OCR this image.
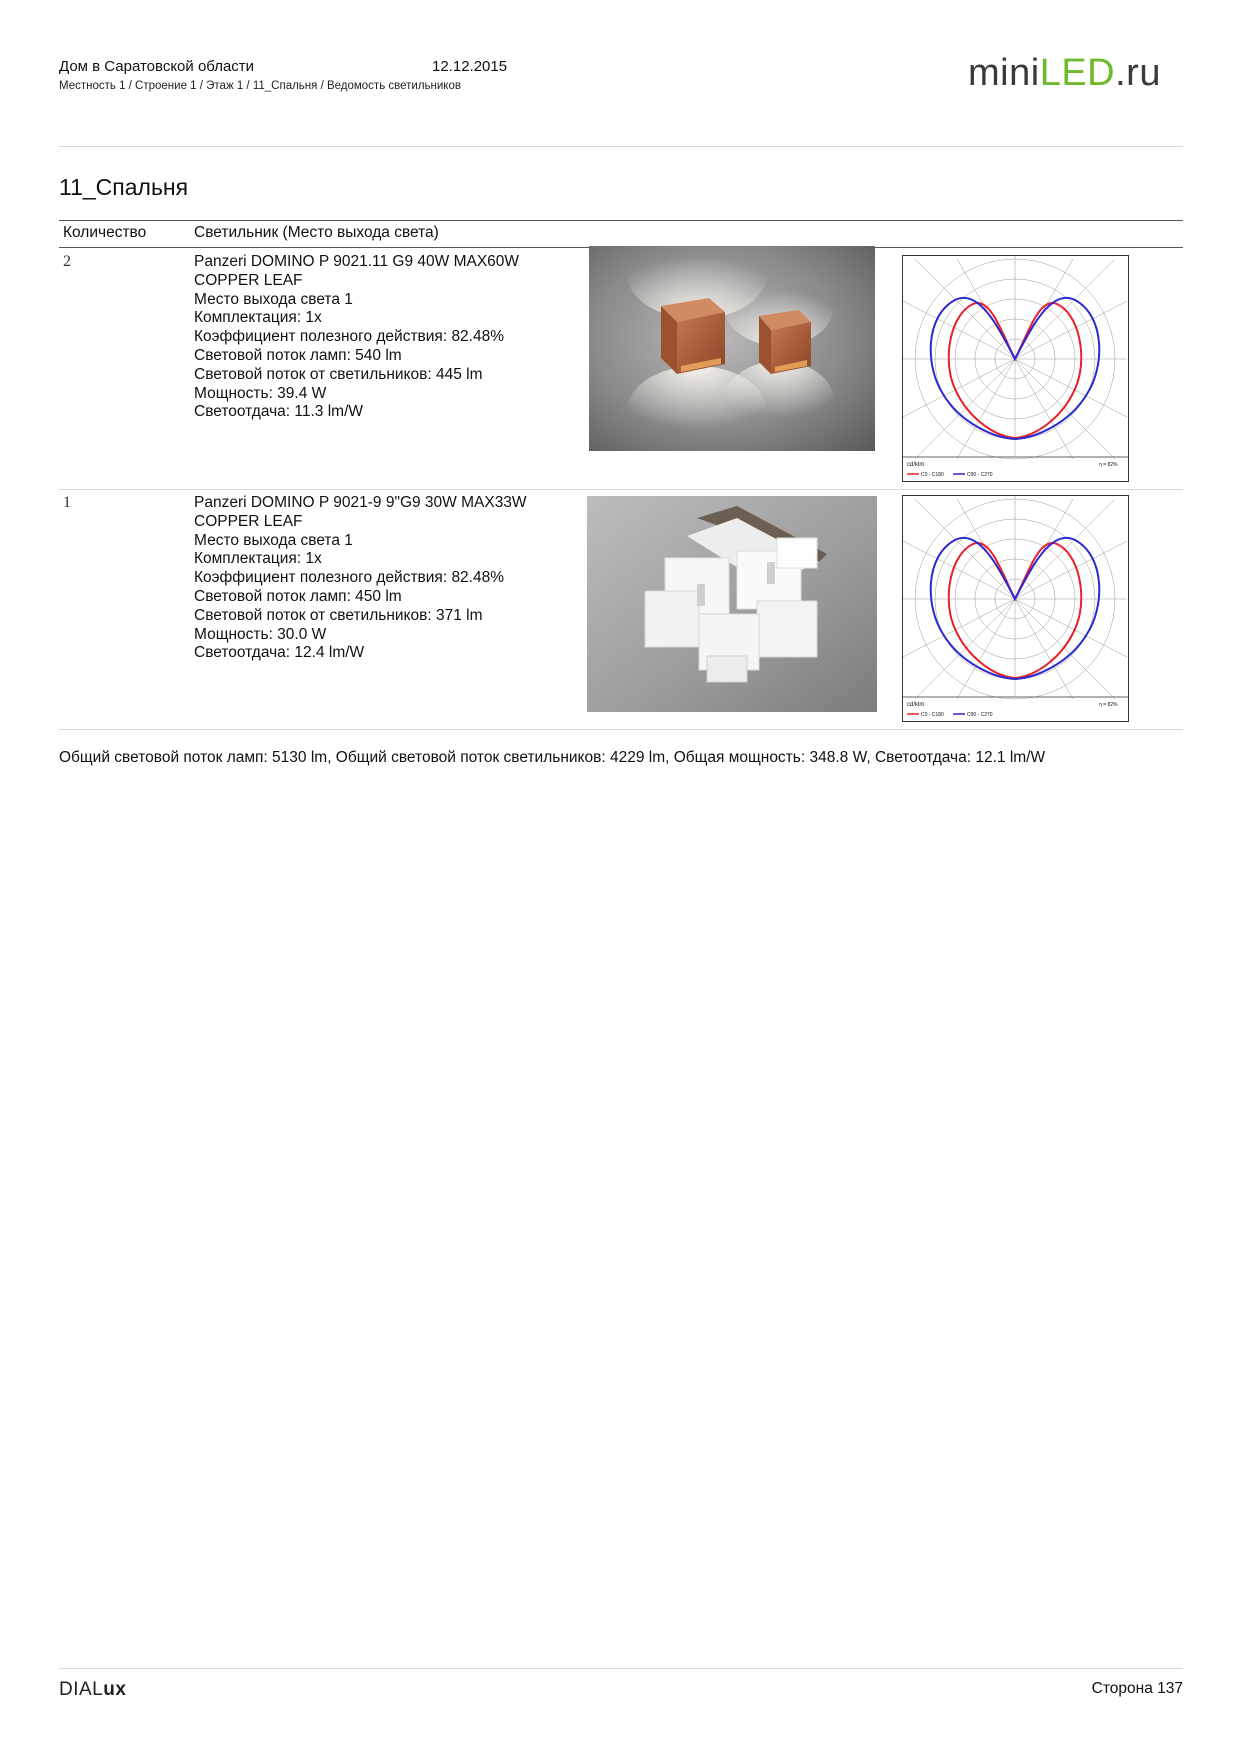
Дом в Саратовской области	12.12.2015
Местность 1 / Строение 1 / Этаж 1 / 11_Спальня / Ведомость светильников	miniLED.ru
11_Спальня
Количество	Светильник (Место выхода света)
2	Panzeri DOMINO P 9021.11 G9 40W MAX60W
COPPER LEAF
Место выхода света 1
Комплектация: 1x
Коэффициент полезного действия: 82.48%
Световой поток ламп: 540 lm
Световой поток от светильников: 445 lm
Мощность: 39.4 W
Светоотдача: 11.3 lm/W
cd/klm
C0 - C180	C90 - C270
η = 82%
1	Panzeri DOMINO P 9021-9 9"G9 30W MAX33W
COPPER LEAF
Место выхода света 1
Комплектация: 1x
Коэффициент полезного действия: 82.48%
Световой поток ламп: 450 lm
Световой поток от светильников: 371 lm
Мощность: 30.0 W
Светоотдача: 12.4 lm/W
cd/klm
C0 - C180	C90 - C270
η = 82%
Общий световой поток ламп: 5130 lm, Общий световой поток светильников: 4229 lm, Общая мощность: 348.8 W, Светоотдача: 12.1 lm/W
DIALux	Сторона 137
